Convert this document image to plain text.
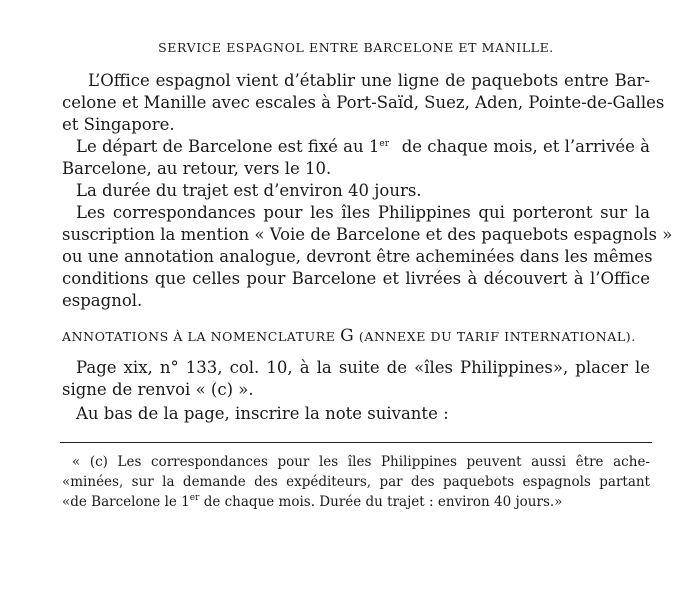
SERVICE ESPAGNOL ENTRE BARCELONE ET MANILLE.
L’Office espagnol vient d’établir une ligne de paquebots entre Bar-
celone et Manille avec escales à Port-Saïd, Suez, Aden, Pointe-de-Galles
et Singapore.
Le départ de Barcelone est fixé au 1er de chaque mois, et l’arrivée à
Barcelone, au retour, vers le 10.
La durée du trajet est d’environ 40 jours.
Les correspondances pour les îles Philippines qui porteront sur la
suscription la mention « Voie de Barcelone et des paquebots espagnols »
ou une annotation analogue, devront être acheminées dans les mêmes
conditions que celles pour Barcelone et livrées à découvert à l’Office
espagnol.
ANNOTATIONS À LA NOMENCLATURE G (ANNEXE DU TARIF INTERNATIONAL).
Page xix, n° 133, col. 10, à la suite de «îles Philippines», placer le
signe de renvoi « (c) ».
Au bas de la page, inscrire la note suivante :
« (c) Les correspondances pour les îles Philippines peuvent aussi être ache-
«minées, sur la demande des expéditeurs, par des paquebots espagnols partant
«de Barcelone le 1er de chaque mois. Durée du trajet : environ 40 jours.»
